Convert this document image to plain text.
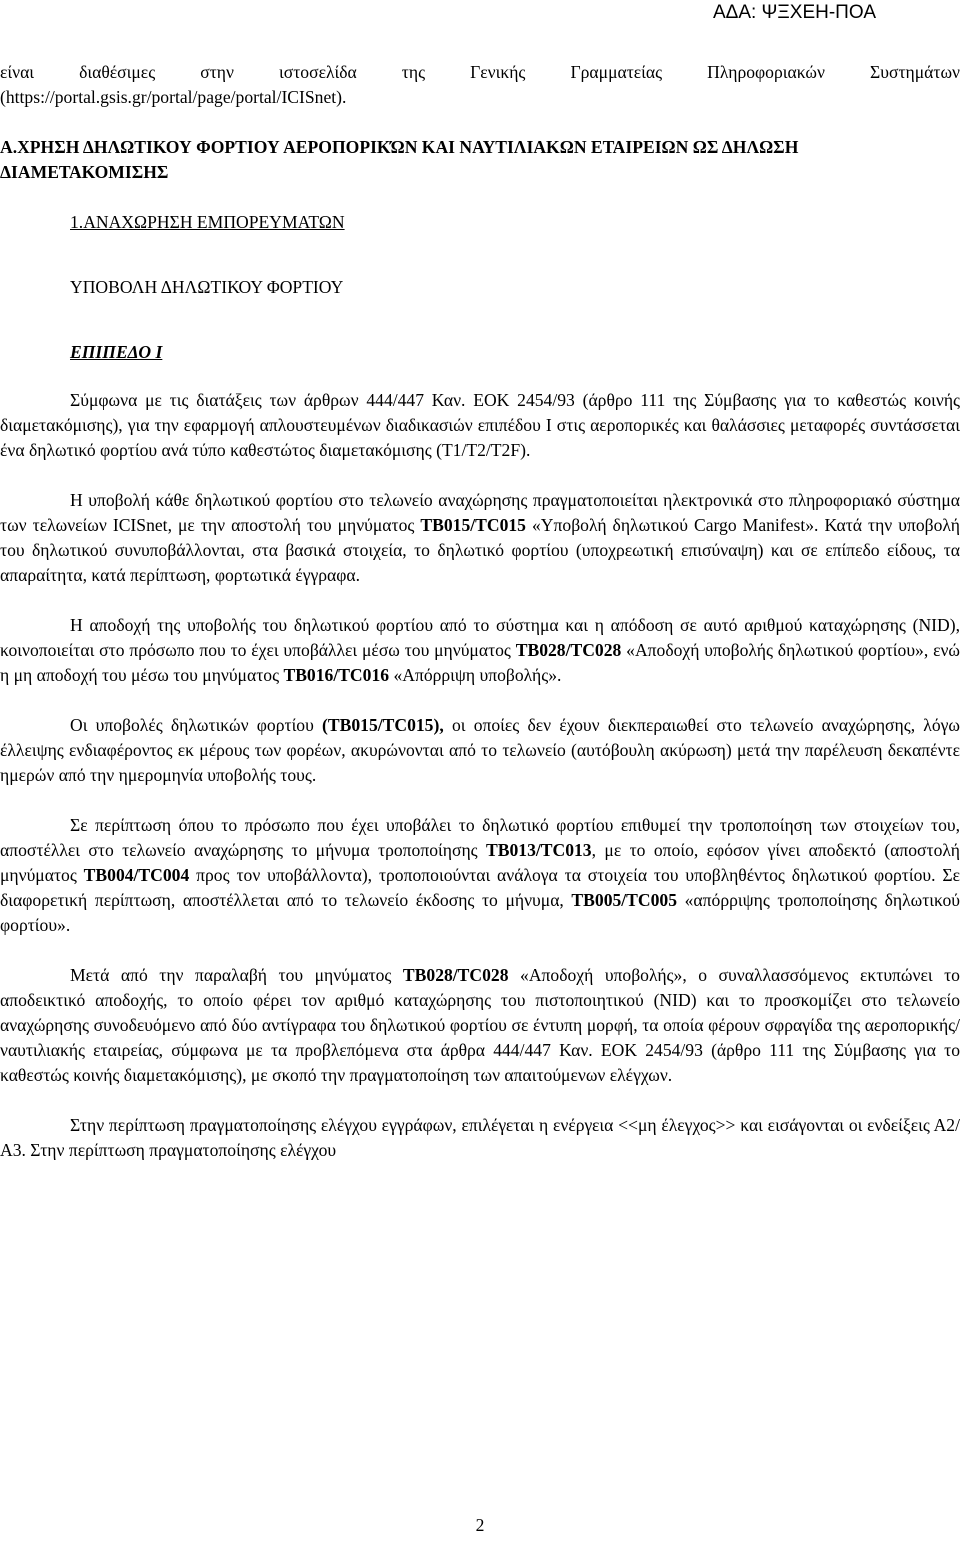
ΑΔΑ: ΨΞΧΕΗ-ΠΟΑ

είναι διαθέσιμες στην ιστοσελίδα της Γενικής Γραμματείας Πληροφοριακών Συστημάτων (https://portal.gsis.gr/portal/page/portal/ICISnet).

Α.ΧΡΗΣΗ ΔΗΛΩΤΙΚΟΥ ΦΟΡΤΙΟΥ ΑΕΡΟΠΟΡΙΚΏΝ ΚΑΙ ΝΑΥΤΙΛΙΑΚΩΝ ΕΤΑΙΡΕΙΩΝ ΩΣ ΔΗΛΩΣΗ ΔΙΑΜΕΤΑΚΟΜΙΣΗΣ

1.ΑΝΑΧΩΡΗΣΗ ΕΜΠΟΡΕΥΜΑΤΩΝ

ΥΠΟΒΟΛΗ ΔΗΛΩΤΙΚΟΥ ΦΟΡΤΙΟΥ

ΕΠΙΠΕΔΟ Ι

Σύμφωνα με τις διατάξεις των άρθρων 444/447 Καν. ΕΟΚ 2454/93 (άρθρο 111 της Σύμβασης για το καθεστώς κοινής διαμετακόμισης), για την εφαρμογή απλουστευμένων διαδικασιών επιπέδου Ι στις αεροπορικές και θαλάσσιες μεταφορές συντάσσεται ένα δηλωτικό φορτίου ανά τύπο καθεστώτος διαμετακόμισης (Τ1/Τ2/Τ2F).

Η υποβολή κάθε δηλωτικού φορτίου στο τελωνείο αναχώρησης πραγματοποιείται ηλεκτρονικά στο πληροφοριακό σύστημα των τελωνείων ICISnet, με την αποστολή του μηνύματος TB015/TC015 «Υποβολή δηλωτικού Cargo Manifest». Κατά την υποβολή του δηλωτικού συνυποβάλλονται, στα βασικά στοιχεία, το δηλωτικό φορτίου (υποχρεωτική επισύναψη) και σε επίπεδο είδους, τα απαραίτητα, κατά περίπτωση, φορτωτικά έγγραφα.

Η αποδοχή της υποβολής του δηλωτικού φορτίου από το σύστημα και η απόδοση σε αυτό αριθμού καταχώρησης (NID), κοινοποιείται στο πρόσωπο που το έχει υποβάλλει μέσω του μηνύματος ΤΒ028/TC028 «Αποδοχή υποβολής δηλωτικού φορτίου», ενώ η μη αποδοχή του μέσω του μηνύματος TB016/TC016 «Απόρριψη υποβολής».

Οι υποβολές δηλωτικών φορτίου (TB015/TC015), οι οποίες δεν έχουν διεκπεραιωθεί στο τελωνείο αναχώρησης, λόγω έλλειψης ενδιαφέροντος εκ μέρους των φορέων, ακυρώνονται από το τελωνείο (αυτόβουλη ακύρωση) μετά την παρέλευση δεκαπέντε ημερών από την ημερομηνία υποβολής τους.

Σε περίπτωση όπου το πρόσωπο που έχει υποβάλει το δηλωτικό φορτίου επιθυμεί την τροποποίηση των στοιχείων του, αποστέλλει στο τελωνείο αναχώρησης το μήνυμα τροποποίησης TB013/TC013, με το οποίο, εφόσον γίνει αποδεκτό (αποστολή μηνύματος TB004/TC004 προς τον υποβάλλοντα), τροποποιούνται ανάλογα τα στοιχεία του υποβληθέντος δηλωτικού φορτίου. Σε διαφορετική περίπτωση, αποστέλλεται από το τελωνείο έκδοσης το μήνυμα, TB005/TC005 «απόρριψης τροποποίησης δηλωτικού φορτίου».

Μετά από την παραλαβή του μηνύματος ΤΒ028/TC028 «Αποδοχή υποβολής», ο συναλλασσόμενος εκτυπώνει το αποδεικτικό αποδοχής, το οποίο φέρει τον αριθμό καταχώρησης του πιστοποιητικού (NID) και το προσκομίζει στο τελωνείο αναχώρησης συνοδευόμενο από δύο αντίγραφα του δηλωτικού φορτίου σε έντυπη μορφή, τα οποία φέρουν σφραγίδα της αεροπορικής/ναυτιλιακής εταιρείας, σύμφωνα με τα προβλεπόμενα στα άρθρα 444/447 Καν. ΕΟΚ 2454/93 (άρθρο 111 της Σύμβασης για το καθεστώς κοινής διαμετακόμισης), με σκοπό την πραγματοποίηση των απαιτούμενων ελέγχων.

Στην περίπτωση πραγματοποίησης ελέγχου εγγράφων, επιλέγεται η ενέργεια <<μη έλεγχος>> και εισάγονται οι ενδείξεις Α2/Α3. Στην περίπτωση πραγματοποίησης ελέγχου

2
